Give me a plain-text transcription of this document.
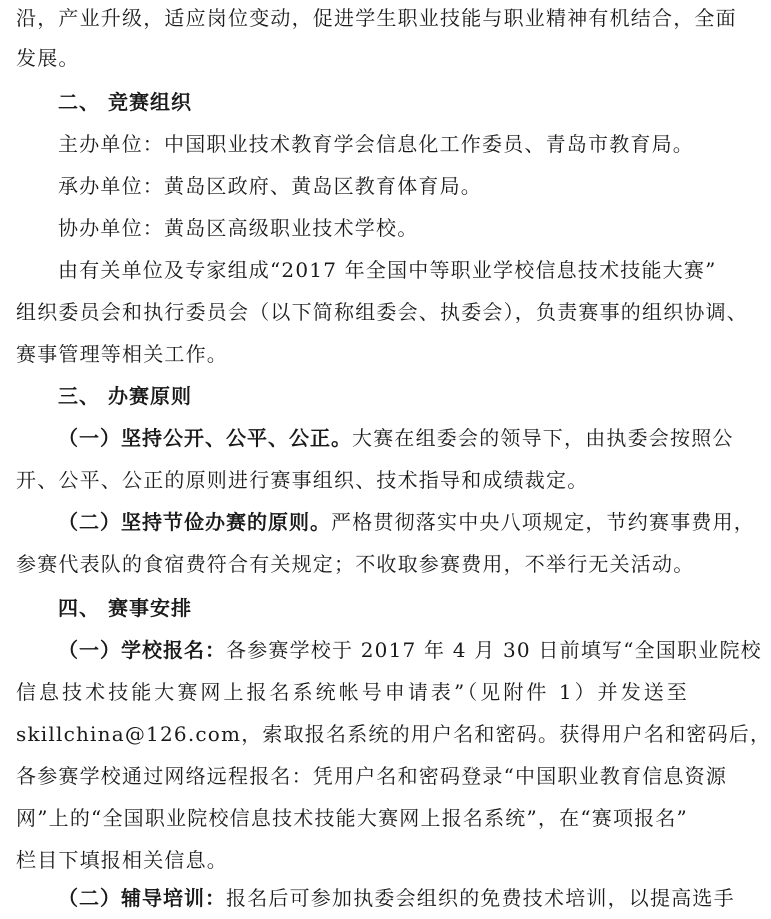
沿，产业升级，适应岗位变动，促进学生职业技能与职业精神有机结合，全面
发展。
二、 竞赛组织
主办单位：中国职业技术教育学会信息化工作委员、青岛市教育局。
承办单位：黄岛区政府、黄岛区教育体育局。
协办单位：黄岛区高级职业技术学校。
由有关单位及专家组成“2017 年全国中等职业学校信息技术技能大赛”
组织委员会和执行委员会（以下简称组委会、执委会），负责赛事的组织协调、
赛事管理等相关工作。
三、 办赛原则
（一）坚持公开、公平、公正。大赛在组委会的领导下，由执委会按照公
开、公平、公正的原则进行赛事组织、技术指导和成绩裁定。
（二）坚持节俭办赛的原则。严格贯彻落实中央八项规定，节约赛事费用，
参赛代表队的食宿费符合有关规定；不收取参赛费用，不举行无关活动。
四、 赛事安排
（一）学校报名：各参赛学校于 2017 年 4 月 30 日前填写“全国职业院校
信息技术技能大赛网上报名系统帐号申请表”（见附件 1）并发送至
skillchina@126.com，索取报名系统的用户名和密码。获得用户名和密码后，
各参赛学校通过网络远程报名：凭用户名和密码登录“中国职业教育信息资源
网”上的“全国职业院校信息技术技能大赛网上报名系统”，在“赛项报名”
栏目下填报相关信息。
（二）辅导培训：报名后可参加执委会组织的免费技术培训，以提高选手
